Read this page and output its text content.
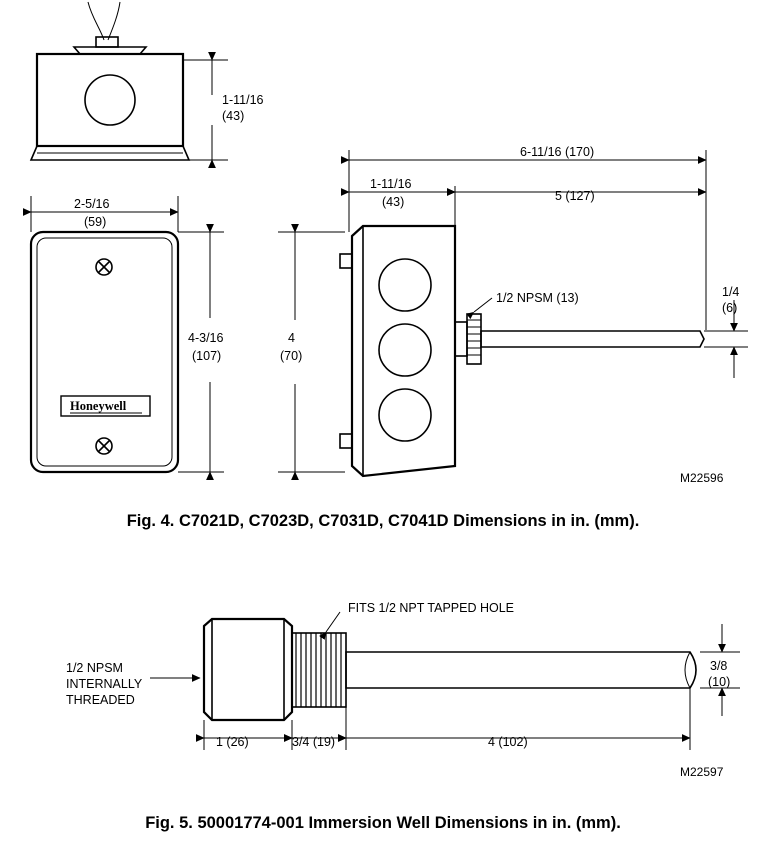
1-11/16
(43)
2-5/16
(59)
Honeywell
4-3/16
(107)
6-11/16 (170)
1-11/16
(43)	5 (127)
4
(70)
1/2 NPSM (13)	1/4
(6)
M22596
Fig. 4. C7021D, C7023D, C7031D, C7041D Dimensions in in. (mm).
FITS 1/2 NPT TAPPED HOLE
1/2 NPSM
INTERNALLY
THREADED
1 (26)	3/4 (19)	4 (102)
3/8
(10)
M22597
Fig. 5. 50001774-001 Immersion Well Dimensions in in. (mm).
